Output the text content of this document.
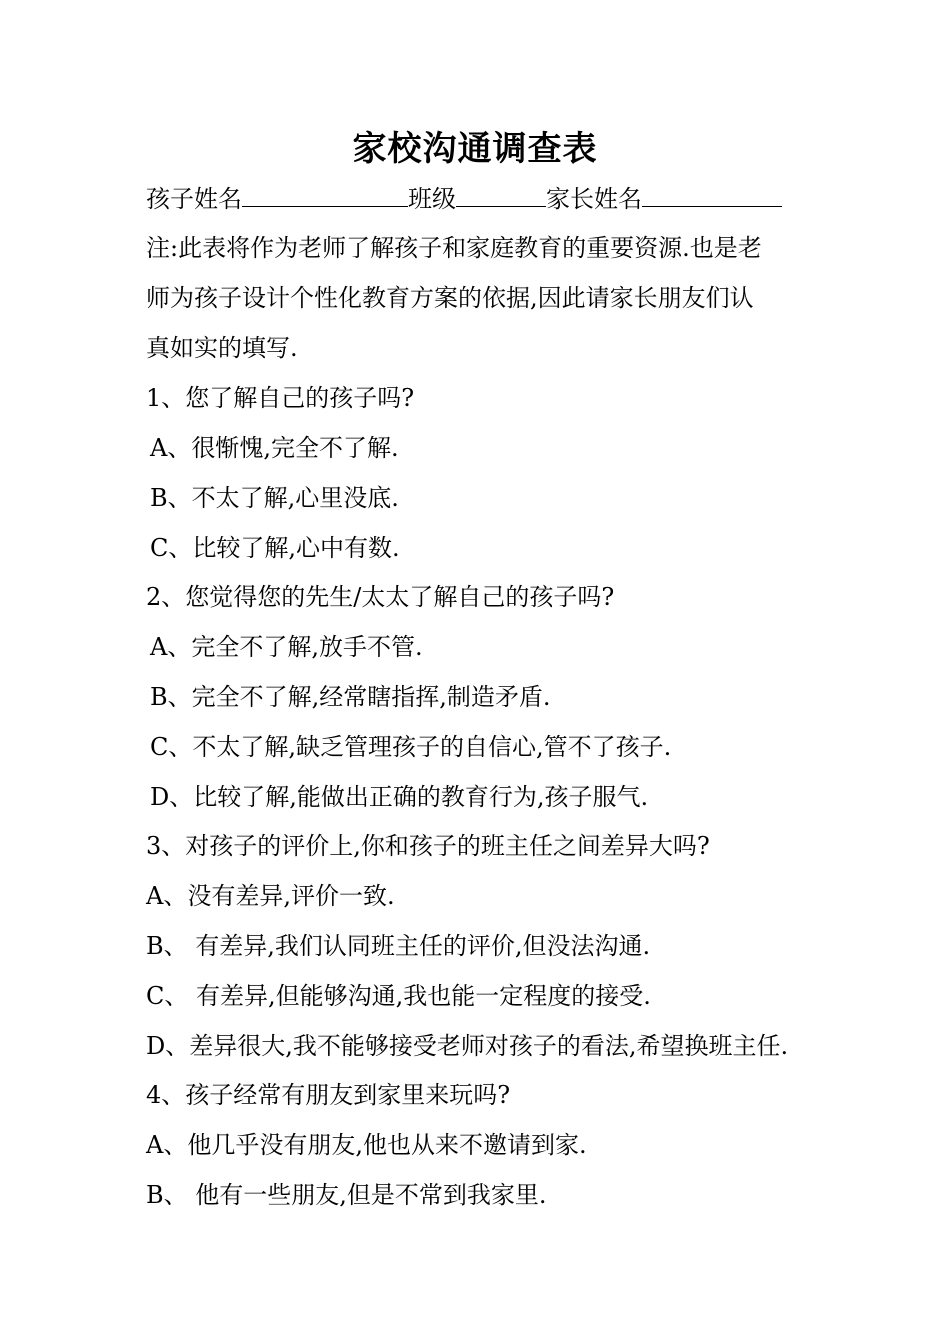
家校沟通调查表
孩子姓名	班级	家长姓名
注:此表将作为老师了解孩子和家庭教育的重要资源.也是老
师为孩子设计个性化教育方案的依据,因此请家长朋友们认
真如实的填写.
1、您了解自己的孩子吗?
A、很惭愧,完全不了解.
B、不太了解,心里没底.
C、比较了解,心中有数.
2、您觉得您的先生/太太了解自己的孩子吗?
A、完全不了解,放手不管.
B、完全不了解,经常瞎指挥,制造矛盾.
C、不太了解,缺乏管理孩子的自信心,管不了孩子.
D、比较了解,能做出正确的教育行为,孩子服气.
3、对孩子的评价上,你和孩子的班主任之间差异大吗?
A、没有差异,评价一致.
B、 有差异,我们认同班主任的评价,但没法沟通.
C、 有差异,但能够沟通,我也能一定程度的接受.
D、差异很大,我不能够接受老师对孩子的看法,希望换班主任.
4、孩子经常有朋友到家里来玩吗?
A、他几乎没有朋友,他也从来不邀请到家.
B、 他有一些朋友,但是不常到我家里.
